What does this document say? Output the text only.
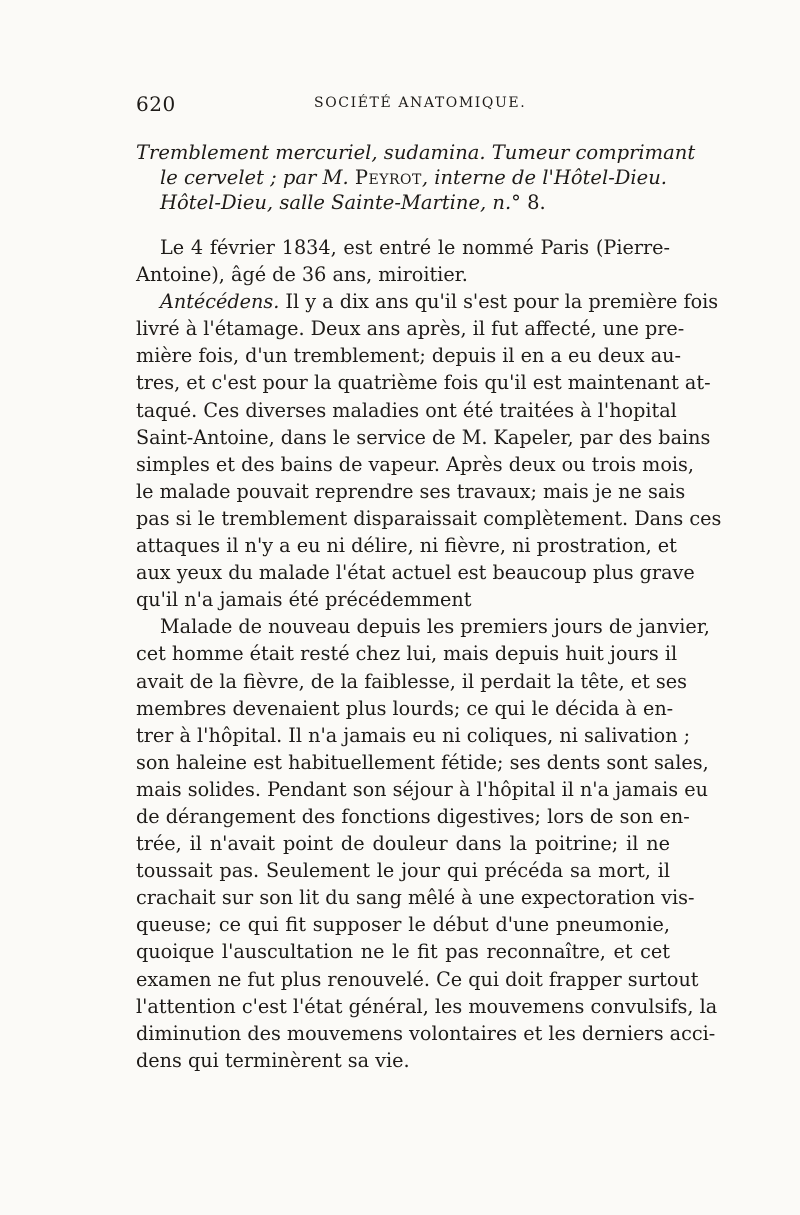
620	SOCIÉTÉ ANATOMIQUE.
Tremblement mercuriel, sudamina. Tumeur comprimant
le cervelet ; par M. Peyrot, interne de l'Hôtel-Dieu.
Hôtel-Dieu, salle Sainte-Martine, n.° 8.
Le 4 février 1834, est entré le nommé Paris (Pierre-
Antoine), âgé de 36 ans, miroitier.
Antécédens. Il y a dix ans qu'il s'est pour la première fois
livré à l'étamage. Deux ans après, il fut affecté, une pre-
mière fois, d'un tremblement; depuis il en a eu deux au-
tres, et c'est pour la quatrième fois qu'il est maintenant at-
taqué. Ces diverses maladies ont été traitées à l'hopital
Saint-Antoine, dans le service de M. Kapeler, par des bains
simples et des bains de vapeur. Après deux ou trois mois,
le malade pouvait reprendre ses travaux; mais je ne sais
pas si le tremblement disparaissait complètement. Dans ces
attaques il n'y a eu ni délire, ni fièvre, ni prostration, et
aux yeux du malade l'état actuel est beaucoup plus grave
qu'il n'a jamais été précédemment
Malade de nouveau depuis les premiers jours de janvier,
cet homme était resté chez lui, mais depuis huit jours il
avait de la fièvre, de la faiblesse, il perdait la tête, et ses
membres devenaient plus lourds; ce qui le décida à en-
trer à l'hôpital. Il n'a jamais eu ni coliques, ni salivation ;
son haleine est habituellement fétide; ses dents sont sales,
mais solides. Pendant son séjour à l'hôpital il n'a jamais eu
de dérangement des fonctions digestives; lors de son en-
trée, il n'avait point de douleur dans la poitrine; il ne
toussait pas. Seulement le jour qui précéda sa mort, il
crachait sur son lit du sang mêlé à une expectoration vis-
queuse; ce qui fit supposer le début d'une pneumonie,
quoique l'auscultation ne le fit pas reconnaître, et cet
examen ne fut plus renouvelé. Ce qui doit frapper surtout
l'attention c'est l'état général, les mouvemens convulsifs, la
diminution des mouvemens volontaires et les derniers acci-
dens qui terminèrent sa vie.
